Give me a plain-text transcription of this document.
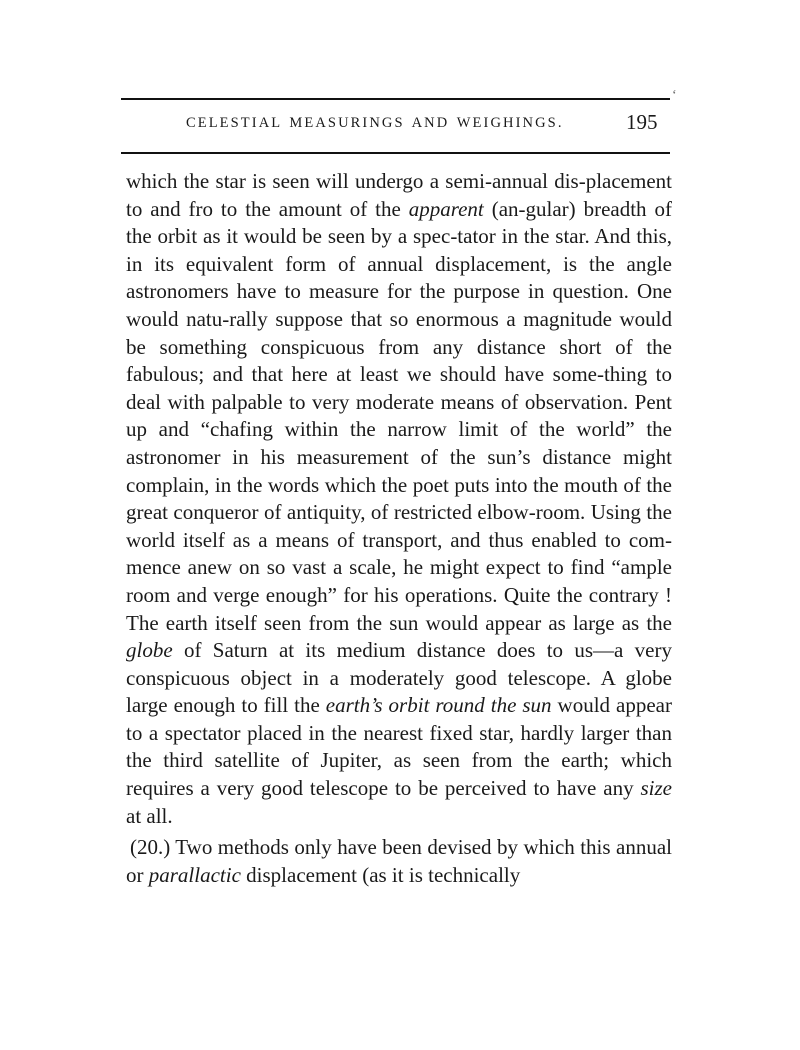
CELESTIAL MEASURINGS AND WEIGHINGS.	195

which the star is seen will undergo a semi-annual dis-placement to and fro to the amount of the apparent (an-gular) breadth of the orbit as it would be seen by a spec-tator in the star. And this, in its equivalent form of annual displacement, is the angle astronomers have to measure for the purpose in question. One would natu-rally suppose that so enormous a magnitude would be something conspicuous from any distance short of the fabulous; and that here at least we should have some-thing to deal with palpable to very moderate means of observation. Pent up and “chafing within the narrow limit of the world” the astronomer in his measurement of the sun’s distance might complain, in the words which the poet puts into the mouth of the great conqueror of antiquity, of restricted elbow-room. Using the world itself as a means of transport, and thus enabled to com-mence anew on so vast a scale, he might expect to find “ample room and verge enough” for his operations. Quite the contrary ! The earth itself seen from the sun would appear as large as the globe of Saturn at its medium distance does to us—a very conspicuous object in a moderately good telescope. A globe large enough to fill the earth’s orbit round the sun would appear to a spectator placed in the nearest fixed star, hardly larger than the third satellite of Jupiter, as seen from the earth; which requires a very good telescope to be perceived to have any size at all.

(20.) Two methods only have been devised by which this annual or parallactic displacement (as it is technically

‘
